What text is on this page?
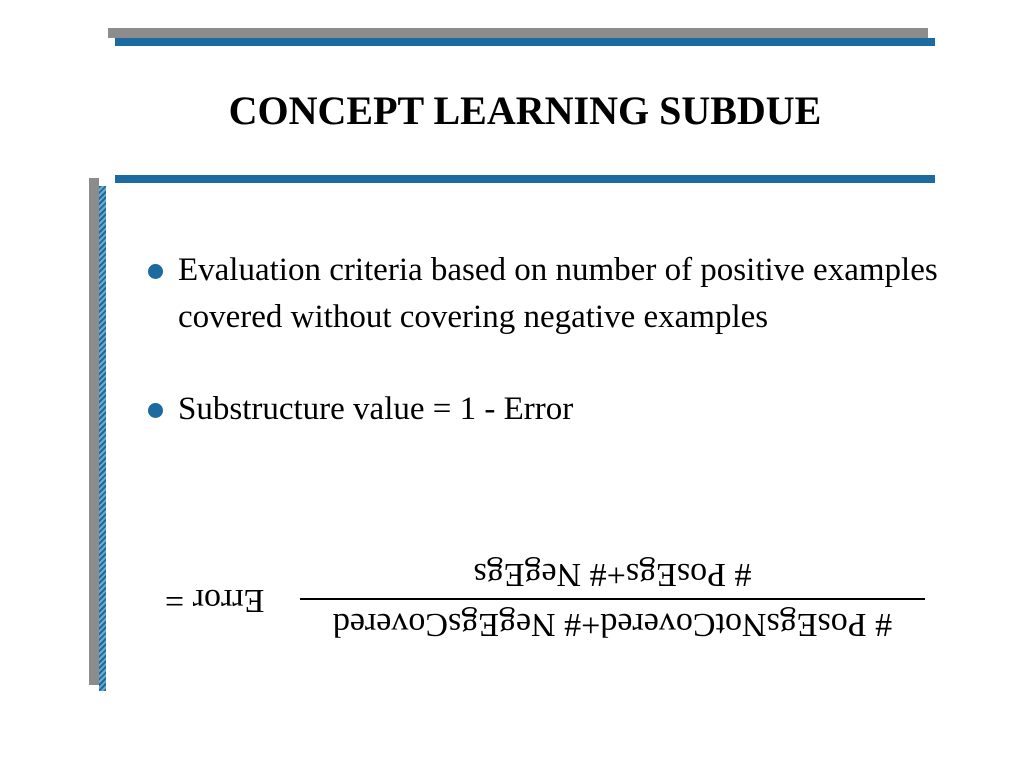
CONCEPT LEARNING SUBDUE
Evaluation criteria based on number of positive examples covered without covering negative examples
Substructure value = 1 - Error
Error =
# PosEgs+# NegEgs
# PosEgsNotCovered+# NegEgsCovered
